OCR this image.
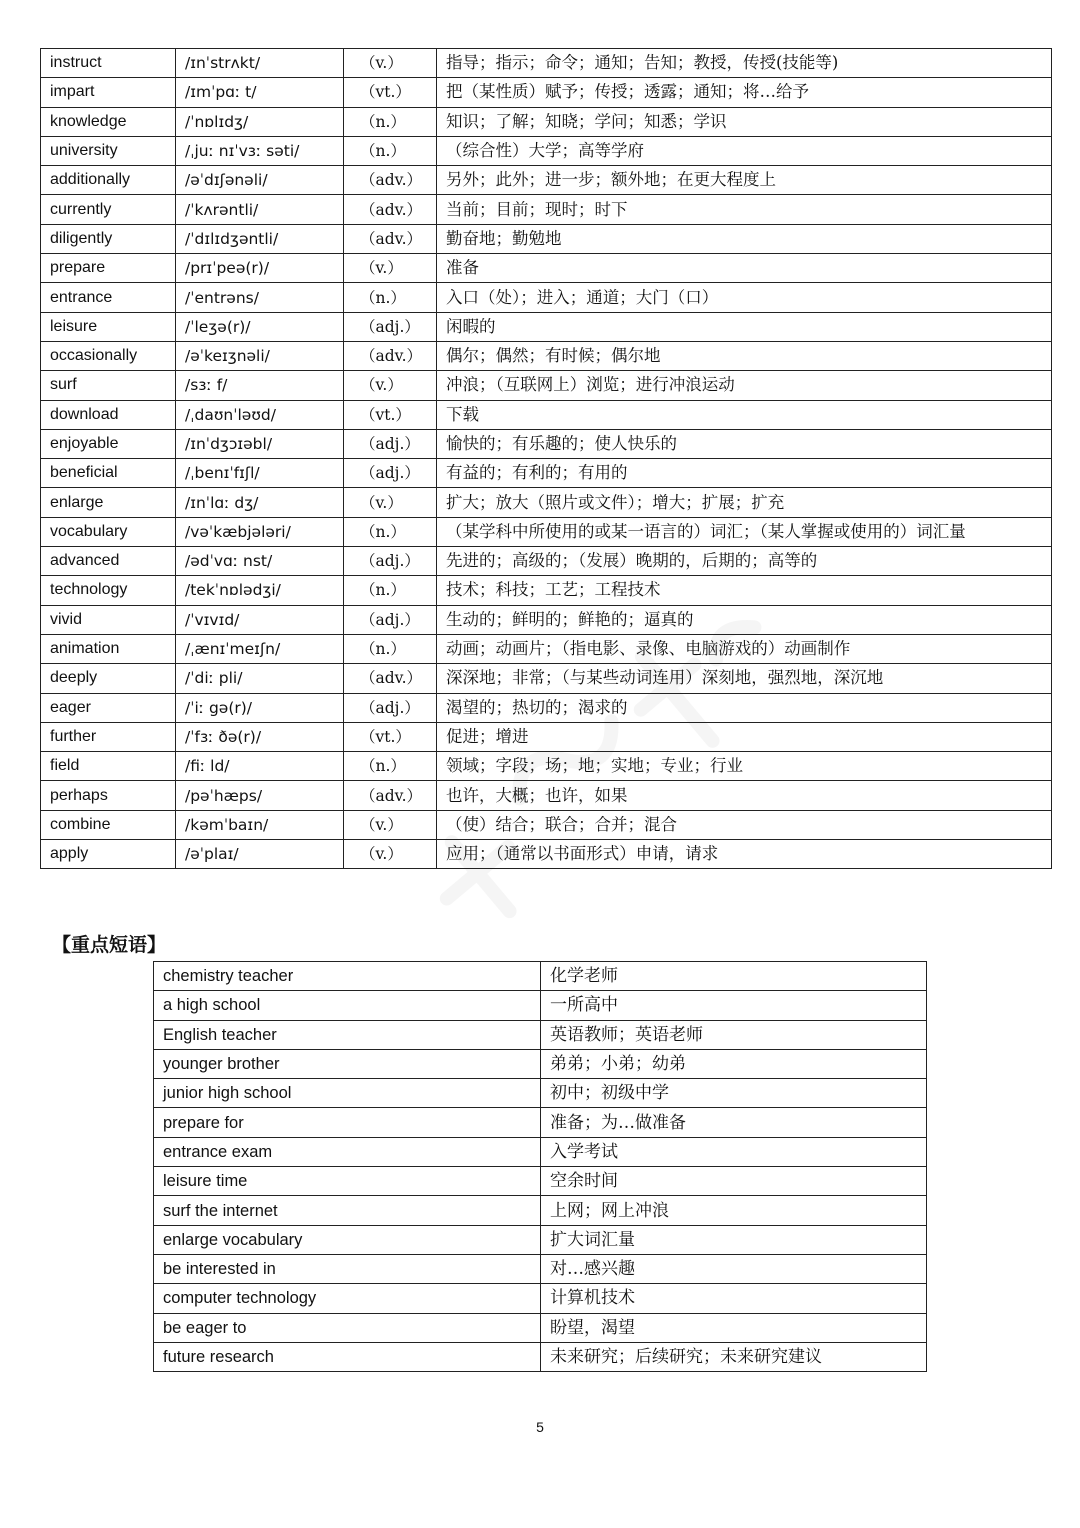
instruct	/ɪnˈstrʌkt/	（v.）	指导；指示；命令；通知；告知；教授，传授(技能等)
impart	/ɪmˈpɑː t/	（vt.）	把（某性质）赋予；传授；透露；通知；将…给予
knowledge	/ˈnɒlɪdʒ/	（n.）	知识；了解；知晓；学问；知悉；学识
university	/ˌjuː nɪˈvɜː səti/	（n.）	（综合性）大学；高等学府
additionally	/əˈdɪʃənəli/	（adv.）	另外；此外；进一步；额外地；在更大程度上
currently	/ˈkʌrəntli/	（adv.）	当前；目前；现时；时下
diligently	/ˈdɪlɪdʒəntli/	（adv.）	勤奋地；勤勉地
prepare	/prɪˈpeə(r)/	（v.）	准备
entrance	/ˈentrəns/	（n.）	入口（处）；进入；通道；大门（口）
leisure	/ˈleʒə(r)/	（adj.）	闲暇的
occasionally	/əˈkeɪʒnəli/	（adv.）	偶尔；偶然；有时候；偶尔地
surf	/sɜː f/	（v.）	冲浪；（互联网上）浏览；进行冲浪运动
download	/ˌdaʊnˈləʊd/	（vt.）	下载
enjoyable	/ɪnˈdʒɔɪəbl/	（adj.）	愉快的；有乐趣的；使人快乐的
beneficial	/ˌbenɪˈfɪʃl/	（adj.）	有益的；有利的；有用的
enlarge	/ɪnˈlɑː dʒ/	（v.）	扩大；放大（照片或文件）；增大；扩展；扩充
vocabulary	/vəˈkæbjələri/	（n.）	（某学科中所使用的或某一语言的）词汇；（某人掌握或使用的）词汇量
advanced	/ədˈvɑː nst/	（adj.）	先进的；高级的；（发展）晚期的，后期的；高等的
technology	/tekˈnɒlədʒi/	（n.）	技术；科技；工艺；工程技术
vivid	/ˈvɪvɪd/	（adj.）	生动的；鲜明的；鲜艳的；逼真的
animation	/ˌænɪˈmeɪʃn/	（n.）	动画；动画片；（指电影、录像、电脑游戏的）动画制作
deeply	/ˈdiː pli/	（adv.）	深深地；非常；（与某些动词连用）深刻地，强烈地，深沉地
eager	/ˈiː gə(r)/	（adj.）	渴望的；热切的；渴求的
further	/ˈfɜː ðə(r)/	（vt.）	促进；增进
field	/fiː ld/	（n.）	领域；字段；场；地；实地；专业；行业
perhaps	/pəˈhæps/	（adv.）	也许，大概；也许，如果
combine	/kəmˈbaɪn/	（v.）	（使）结合；联合；合并；混合
apply	/əˈplaɪ/	（v.）	应用；（通常以书面形式）申请，请求
【重点短语】
chemistry teacher	化学老师
a high school	一所高中
English teacher	英语教师；英语老师
younger brother	弟弟；小弟；幼弟
junior high school	初中；初级中学
prepare for	准备；为…做准备
entrance exam	入学考试
leisure time	空余时间
surf the internet	上网；网上冲浪
enlarge vocabulary	扩大词汇量
be interested in	对…感兴趣
computer technology	计算机技术
be eager to	盼望，渴望
future research	未来研究；后续研究；未来研究建议
5
